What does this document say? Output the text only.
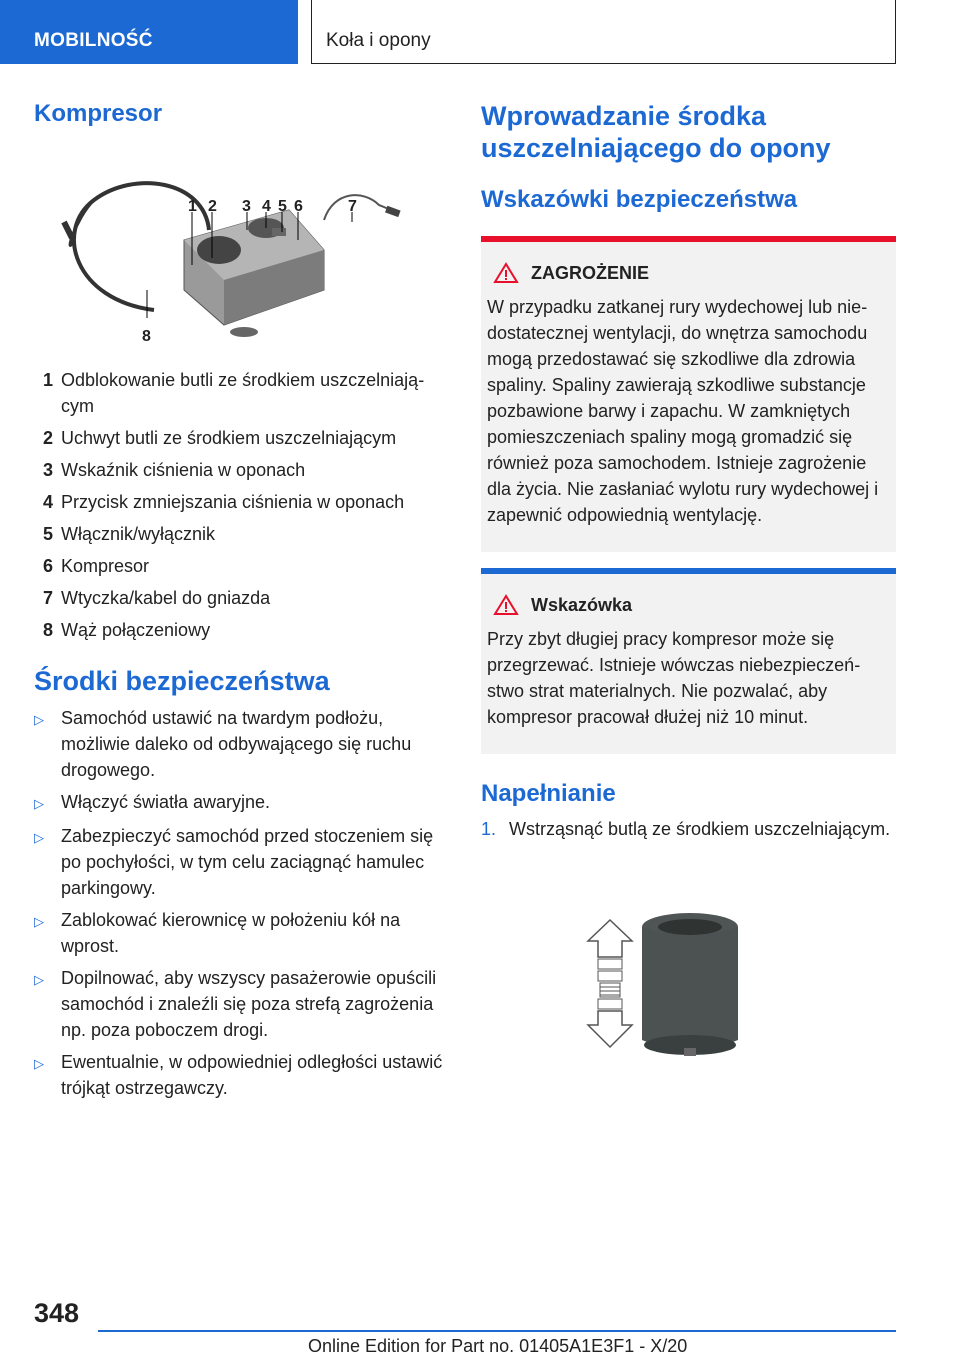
MOBILNOŚĆ	Koła i opony
Kompresor
1 2 3 4 5 6	7
8
1 Odblokowanie butli ze środkiem uszczelniającym
2 Uchwyt butli ze środkiem uszczelniającym
3 Wskaźnik ciśnienia w oponach
4 Przycisk zmniejszania ciśnienia w oponach
5 Włącznik/wyłącznik
6 Kompresor
7 Wtyczka/kabel do gniazda
8 Wąż połączeniowy
Środki bezpieczeństwa
▷ Samochód ustawić na twardym podłożu, możliwie daleko od odbywającego się ruchu drogowego.
▷ Włączyć światła awaryjne.
▷ Zabezpieczyć samochód przed stoczeniem się po pochyłości, w tym celu zaciągnąć hamulec parkingowy.
▷ Zablokować kierownicę w położeniu kół na wprost.
▷ Dopilnować, aby wszyscy pasażerowie opuścili samochód i znaleźli się poza strefą zagrożenia np. poza poboczem drogi.
▷ Ewentualnie, w odpowiedniej odległości ustawić trójkąt ostrzegawczy.
Wprowadzanie środka uszczelniającego do opony
Wskazówki bezpieczeństwa
ZAGROŻENIE
W przypadku zatkanej rury wydechowej lub niedostatecznej wentylacji, do wnętrza samochodu mogą przedostawać się szkodliwe dla zdrowia spaliny. Spaliny zawierają szkodliwe substancje pozbawione barwy i zapachu. W zamkniętych pomieszczeniach spaliny mogą gromadzić się również poza samochodem. Istnieje zagrożenie dla życia. Nie zasłaniać wylotu rury wydechowej i zapewnić odpowiednią wentylację.
Wskazówka
Przy zbyt długiej pracy kompresor może się przegrzewać. Istnieje wówczas niebezpieczeństwo strat materialnych. Nie pozwalać, aby kompresor pracował dłużej niż 10 minut.
Napełnianie
1. Wstrząsnąć butlą ze środkiem uszczelniającym.
348
Online Edition for Part no. 01405A1E3F1 - X/20
